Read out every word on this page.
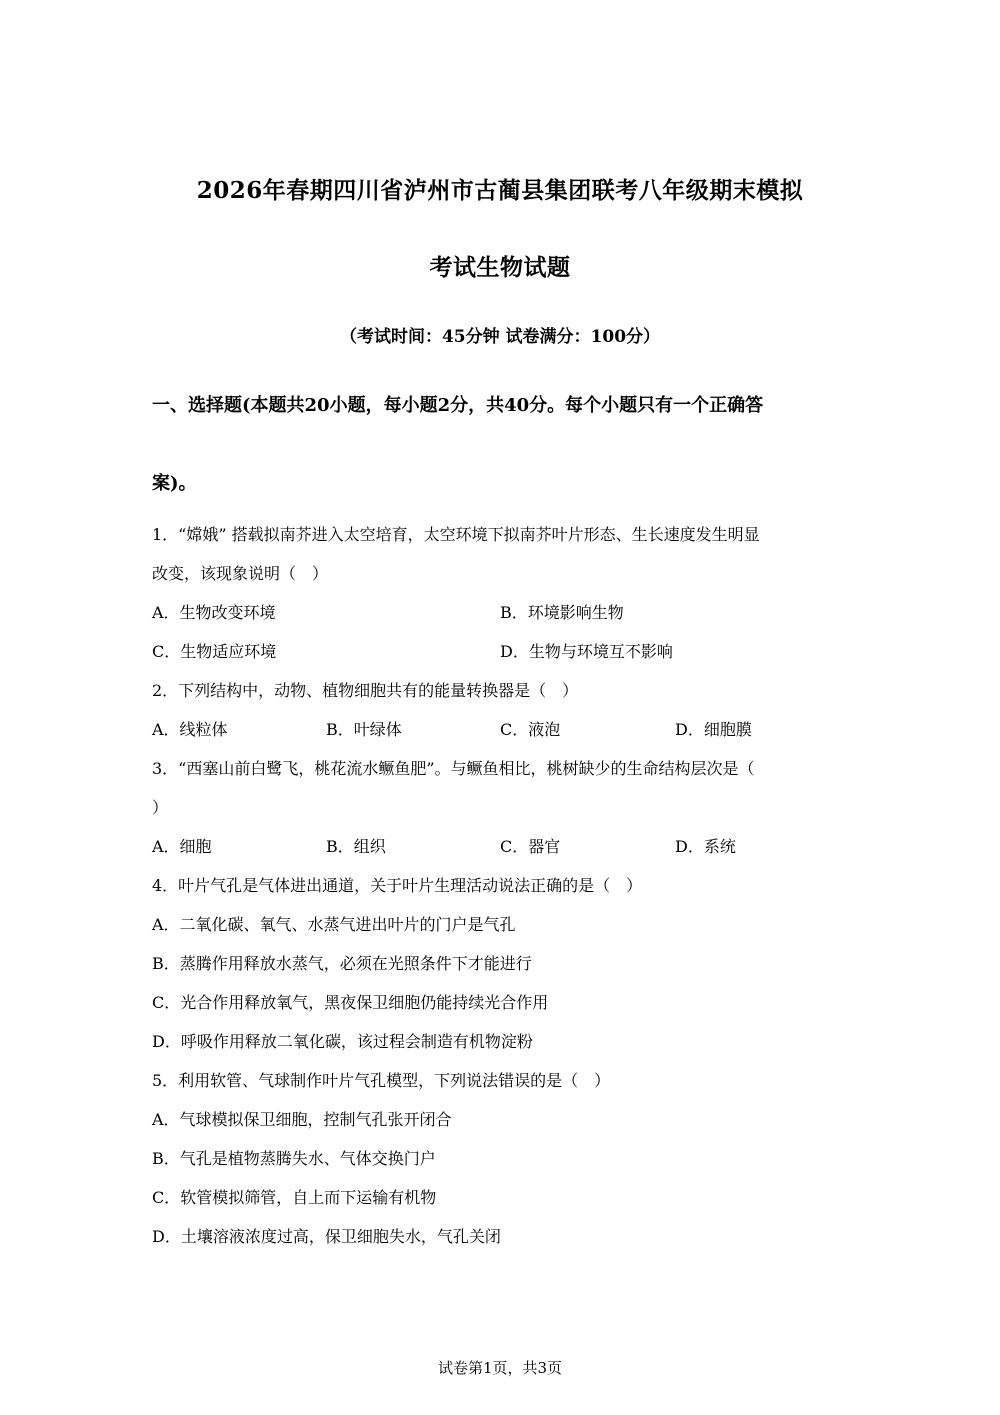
2026年春期四川省泸州市古蔺县集团联考八年级期末模拟
考试生物试题
（考试时间：45分钟 试卷满分：100分）
一、选择题(本题共20小题，每小题2分，共40分。每个小题只有一个正确答
案)。
1．“嫦娥” 搭载拟南芥进入太空培育，太空环境下拟南芥叶片形态、生长速度发生明显
改变，该现象说明（　）
A．生物改变环境	B．环境影响生物
C．生物适应环境	D．生物与环境互不影响
2．下列结构中，动物、植物细胞共有的能量转换器是（　）
A．线粒体	B．叶绿体	C．液泡	D．细胞膜
3．“西塞山前白鹭飞，桃花流水鳜鱼肥”。与鳜鱼相比，桃树缺少的生命结构层次是（
）
A．细胞	B．组织	C．器官	D．系统
4．叶片气孔是气体进出通道，关于叶片生理活动说法正确的是（　）
A．二氧化碳、氧气、水蒸气进出叶片的门户是气孔
B．蒸腾作用释放水蒸气，必须在光照条件下才能进行
C．光合作用释放氧气，黑夜保卫细胞仍能持续光合作用
D．呼吸作用释放二氧化碳，该过程会制造有机物淀粉
5．利用软管、气球制作叶片气孔模型，下列说法错误的是（　）
A．气球模拟保卫细胞，控制气孔张开闭合
B．气孔是植物蒸腾失水、气体交换门户
C．软管模拟筛管，自上而下运输有机物
D．土壤溶液浓度过高，保卫细胞失水，气孔关闭
试卷第1页，共3页
